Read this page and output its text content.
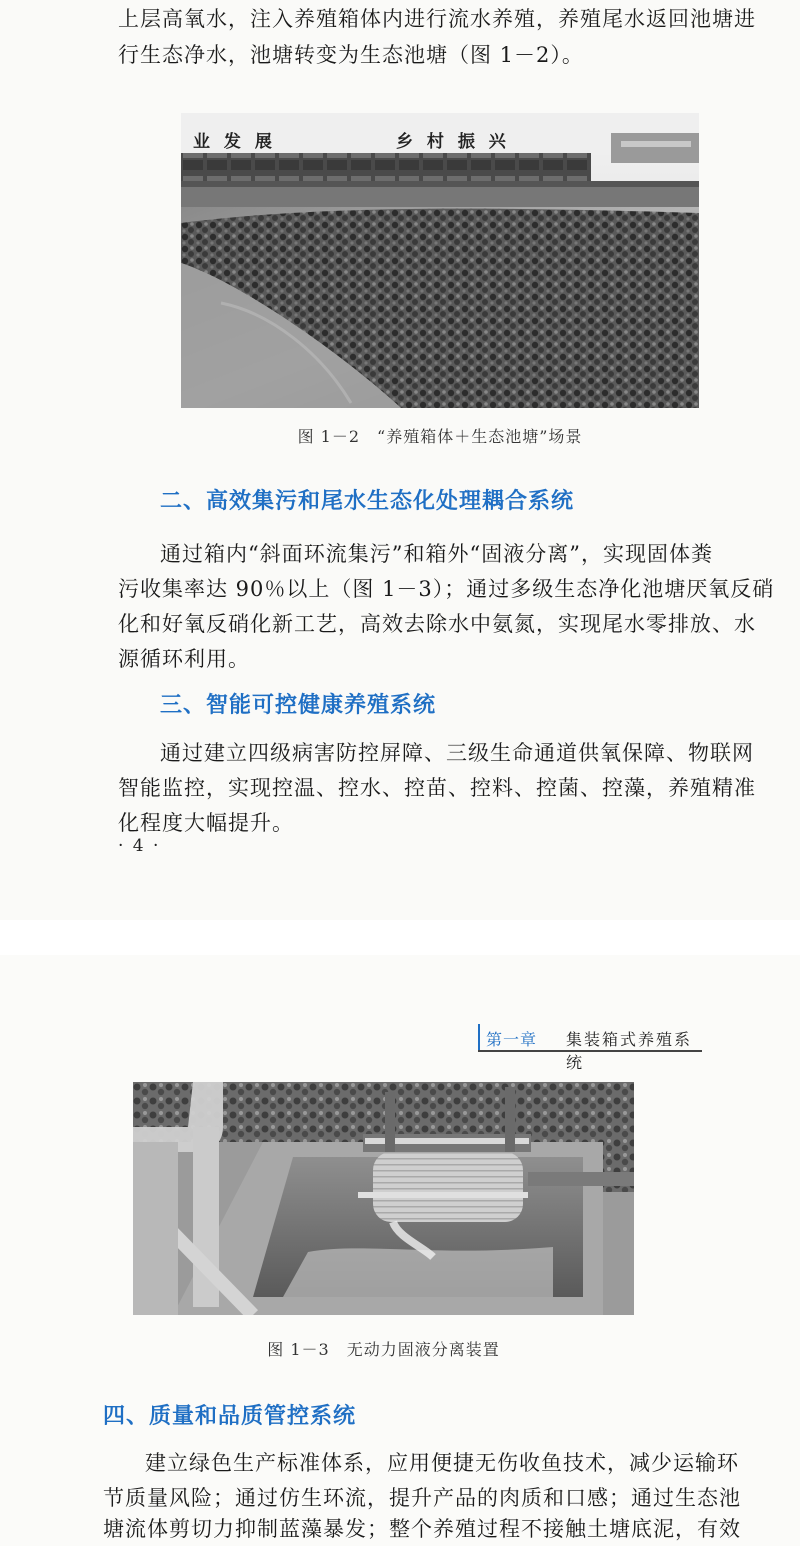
上层高氧水，注入养殖箱体内进行流水养殖，养殖尾水返回池塘进

行生态净水，池塘转变为生态池塘（图 1－2）。

业 发 展	乡 村 振 兴

图 1－2　“养殖箱体＋生态池塘”场景

二、高效集污和尾水生态化处理耦合系统

通过箱内“斜面环流集污”和箱外“固液分离”，实现固体粪

污收集率达 90％以上（图 1－3）；通过多级生态净化池塘厌氧反硝

化和好氧反硝化新工艺，高效去除水中氨氮，实现尾水零排放、水

源循环利用。

三、智能可控健康养殖系统

通过建立四级病害防控屏障、三级生命通道供氧保障、物联网

智能监控，实现控温、控水、控苗、控料、控菌、控藻，养殖精准

化程度大幅提升。

· 4 ·
第一章 集装箱式养殖系统

图 1－3　无动力固液分离装置

四、质量和品质管控系统

建立绿色生产标准体系，应用便捷无伤收鱼技术，减少运输环

节质量风险；通过仿生环流，提升产品的肉质和口感；通过生态池

塘流体剪切力抑制蓝藻暴发；整个养殖过程不接触土塘底泥，有效
